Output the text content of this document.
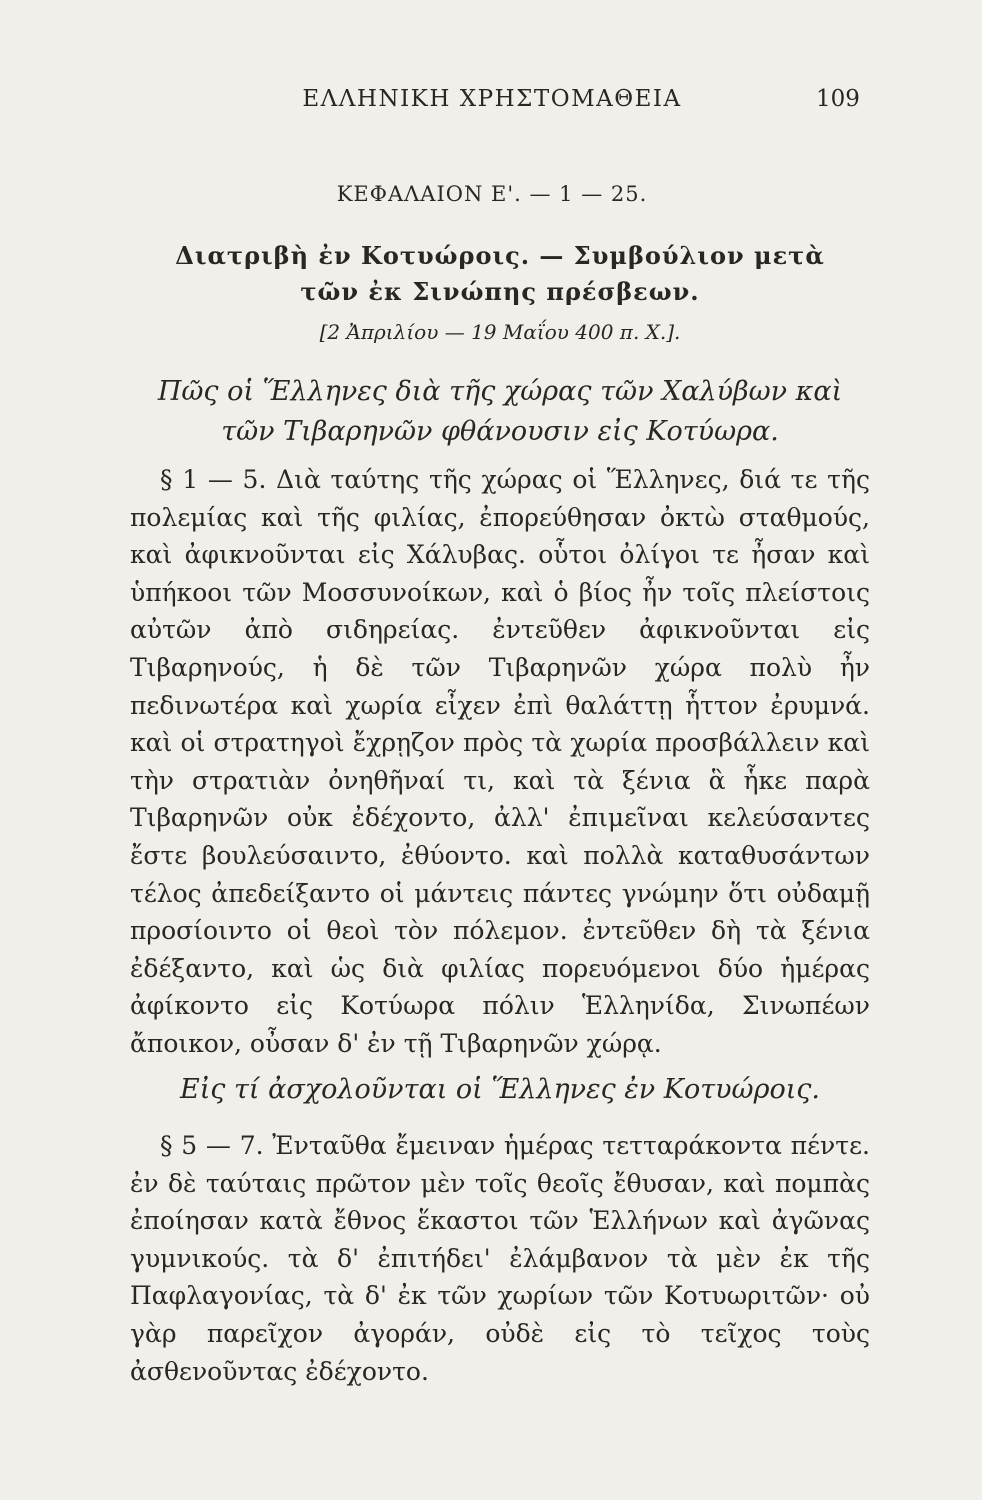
ΕΛΛΗΝΙΚΗ ΧΡΗΣΤΟΜΑΘΕΙΑ	109
ΚΕΦΑΛΑΙΟΝ Ε'. — 1 — 25.
Διατριβὴ ἐν Κοτυώροις. — Συμβούλιον μετὰ
τῶν ἐκ Σινώπης πρέσβεων.
[2 Ἀπριλίου — 19 Μαΐου 400 π. Χ.].
Πῶς οἱ Ἕλληνες διὰ τῆς χώρας τῶν Χαλύβων καὶ τῶν Τιβαρηνῶν φθάνουσιν εἰς Κοτύωρα.

§ 1 — 5. Διὰ ταύτης τῆς χώρας οἱ Ἕλληνες, διά τε τῆς πολεμίας καὶ τῆς φιλίας, ἐπορεύθησαν ὀκτὼ σταθμούς, καὶ ἀφικνοῦνται εἰς Χάλυβας. οὗτοι ὀλίγοι τε ἦσαν καὶ ὑπήκοοι τῶν Μοσσυνοίκων, καὶ ὁ βίος ἦν τοῖς πλείστοις αὐτῶν ἀπὸ σιδηρείας. ἐντεῦθεν ἀφικνοῦνται εἰς Τιβαρηνούς, ἡ δὲ τῶν Τιβαρηνῶν χώρα πολὺ ἦν πεδινωτέρα καὶ χωρία εἶχεν ἐπὶ θαλάττῃ ἧττον ἐρυμνά. καὶ οἱ στρατηγοὶ ἔχρῃζον πρὸς τὰ χωρία προσβάλλειν καὶ τὴν στρατιὰν ὀνηθῆναί τι, καὶ τὰ ξένια ἃ ἧκε παρὰ Τιβαρηνῶν οὐκ ἐδέχοντο, ἀλλ' ἐπιμεῖναι κελεύσαντες ἔστε βουλεύσαιντο, ἐθύοντο. καὶ πολλὰ καταθυσάντων τέλος ἀπεδείξαντο οἱ μάντεις πάντες γνώμην ὅτι οὐδαμῇ προσίοιντο οἱ θεοὶ τὸν πόλεμον. ἐντεῦθεν δὴ τὰ ξένια ἐδέξαντο, καὶ ὡς διὰ φιλίας πορευόμενοι δύο ἡμέρας ἀφίκοντο εἰς Κοτύωρα πόλιν Ἑλληνίδα, Σινωπέων ἄποικον, οὖσαν δ' ἐν τῇ Τιβαρηνῶν χώρᾳ.

Εἰς τί ἀσχολοῦνται οἱ Ἕλληνες ἐν Κοτυώροις.

§ 5 — 7. Ἐνταῦθα ἔμειναν ἡμέρας τετταράκοντα πέντε. ἐν δὲ ταύταις πρῶτον μὲν τοῖς θεοῖς ἔθυσαν, καὶ πομπὰς ἐποίησαν κατὰ ἔθνος ἕκαστοι τῶν Ἑλλήνων καὶ ἀγῶνας γυμνικούς. τὰ δ' ἐπιτήδει' ἐλάμβανον τὰ μὲν ἐκ τῆς Παφλαγονίας, τὰ δ' ἐκ τῶν χωρίων τῶν Κοτυωριτῶν· οὐ γὰρ παρεῖχον ἀγοράν, οὐδὲ εἰς τὸ τεῖχος τοὺς ἀσθενοῦντας ἐδέχοντο.
